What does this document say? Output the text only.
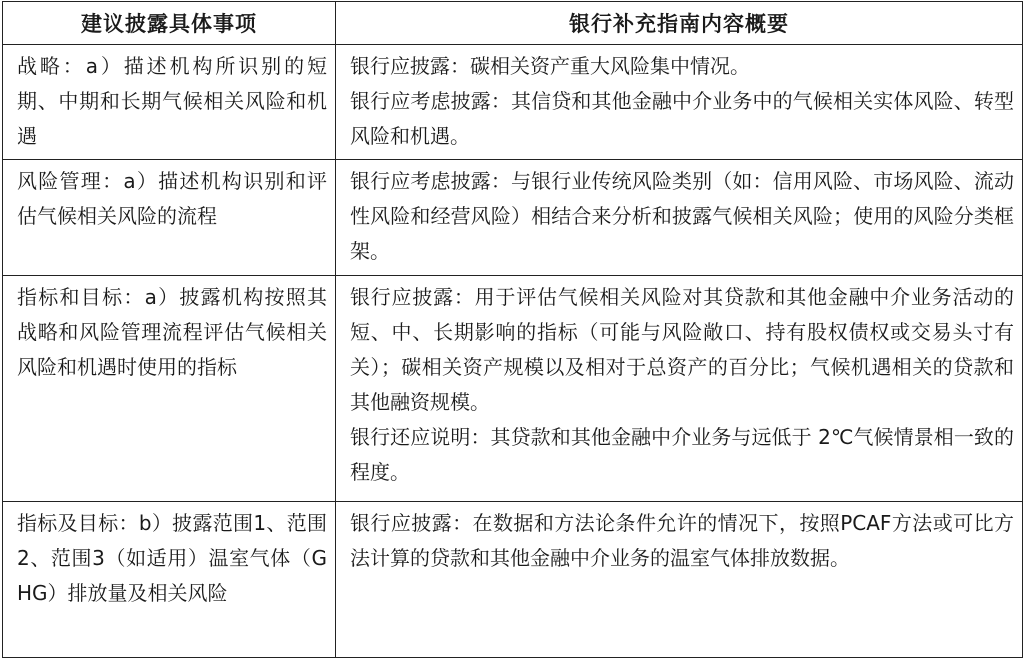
建议披露具体事项	银行补充指南内容概要

战略：a）描述机构所识别的短期、中期和长期气候相关风险和机遇	银行应披露：碳相关资产重大风险集中情况。
银行应考虑披露：其信贷和其他金融中介业务中的气候相关实体风险、转型风险和机遇。

风险管理：a）描述机构识别和评估气候相关风险的流程	银行应考虑披露：与银行业传统风险类别（如：信用风险、市场风险、流动性风险和经营风险）相结合来分析和披露气候相关风险；使用的风险分类框架。

指标和目标：a）披露机构按照其战略和风险管理流程评估气候相关风险和机遇时使用的指标	银行应披露：用于评估气候相关风险对其贷款和其他金融中介业务活动的短、中、长期影响的指标（可能与风险敞口、持有股权债权或交易头寸有关）；碳相关资产规模以及相对于总资产的百分比；气候机遇相关的贷款和其他融资规模。
银行还应说明：其贷款和其他金融中介业务与远低于 2℃气候情景相一致的程度。

指标及目标：b）披露范围1、范围2、范围3（如适用）温室气体（GHG）排放量及相关风险	银行应披露：在数据和方法论条件允许的情况下，按照PCAF方法或可比方法计算的贷款和其他金融中介业务的温室气体排放数据。
